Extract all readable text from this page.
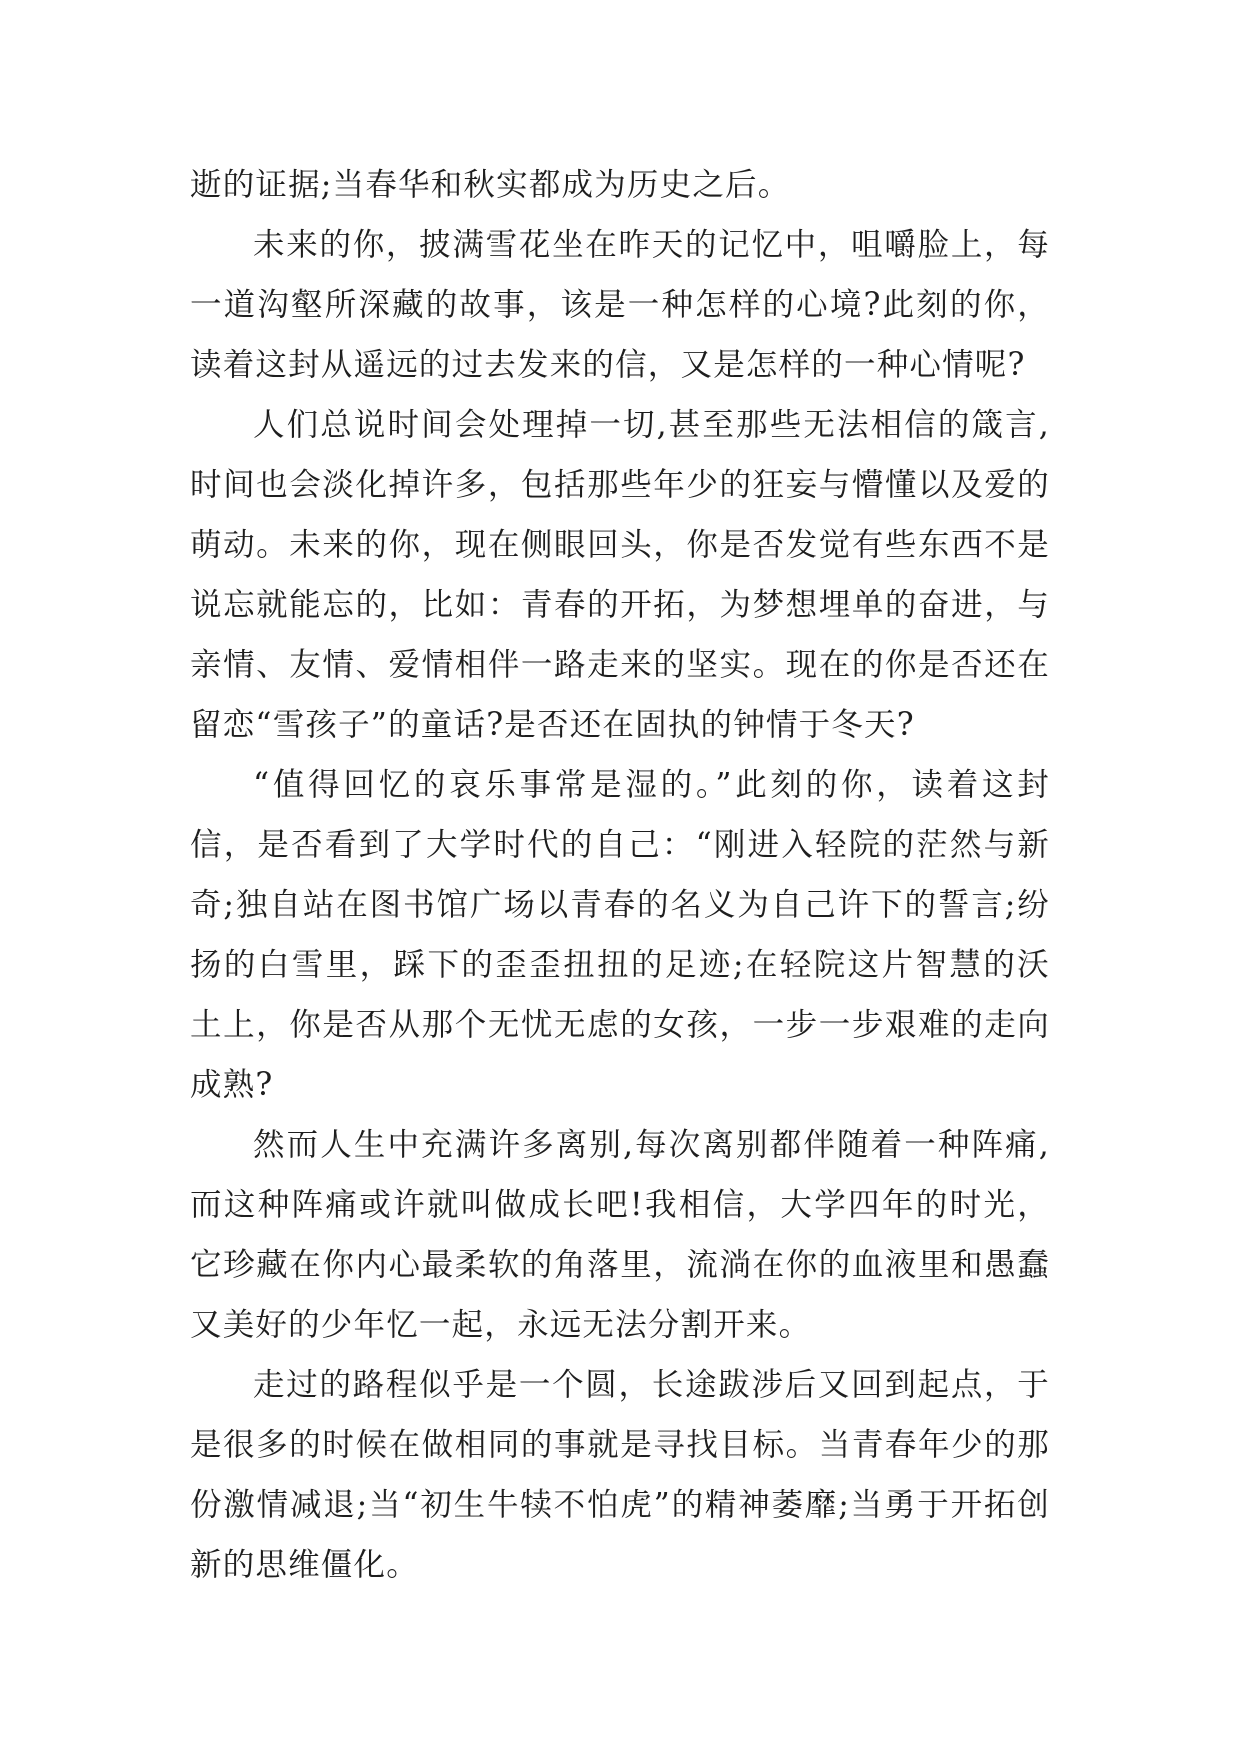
逝的证据;当春华和秋实都成为历史之后。

未来的你，披满雪花坐在昨天的记忆中，咀嚼脸上，每一道沟壑所深藏的故事，该是一种怎样的心境?此刻的你，读着这封从遥远的过去发来的信，又是怎样的一种心情呢?

人们总说时间会处理掉一切,甚至那些无法相信的箴言,时间也会淡化掉许多，包括那些年少的狂妄与懵懂以及爱的萌动。未来的你，现在侧眼回头，你是否发觉有些东西不是说忘就能忘的，比如：青春的开拓，为梦想埋单的奋进，与亲情、友情、爱情相伴一路走来的坚实。现在的你是否还在留恋“雪孩子”的童话?是否还在固执的钟情于冬天?

“值得回忆的哀乐事常是湿的。”此刻的你，读着这封信，是否看到了大学时代的自己：“刚进入轻院的茫然与新奇;独自站在图书馆广场以青春的名义为自己许下的誓言;纷扬的白雪里，踩下的歪歪扭扭的足迹;在轻院这片智慧的沃土上，你是否从那个无忧无虑的女孩，一步一步艰难的走向成熟?

然而人生中充满许多离别,每次离别都伴随着一种阵痛,而这种阵痛或许就叫做成长吧!我相信，大学四年的时光，它珍藏在你内心最柔软的角落里，流淌在你的血液里和愚蠢又美好的少年忆一起，永远无法分割开来。

走过的路程似乎是一个圆，长途跋涉后又回到起点，于是很多的时候在做相同的事就是寻找目标。当青春年少的那份激情减退;当“初生牛犊不怕虎”的精神萎靡;当勇于开拓创新的思维僵化。
